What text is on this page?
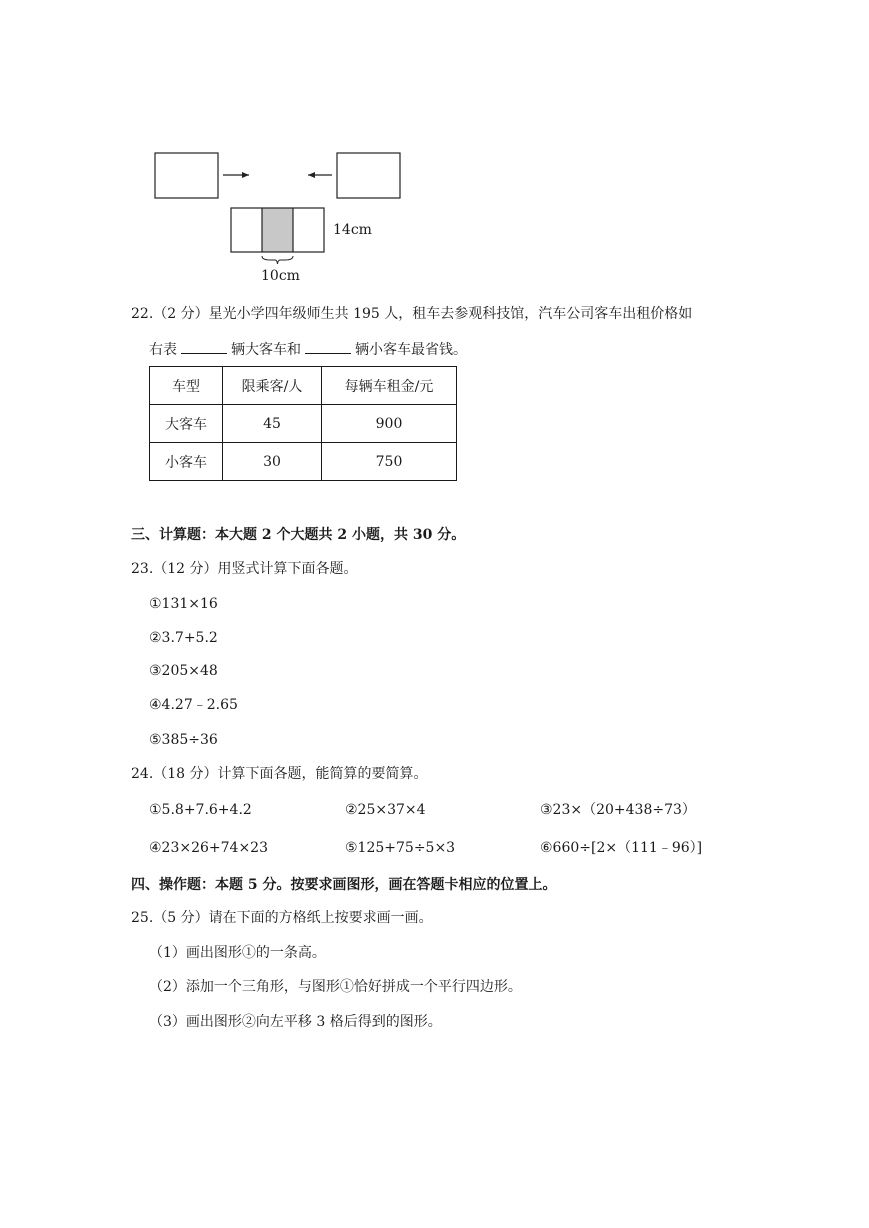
14cm
10cm
22.（2 分）星光小学四年级师生共 195 人，租车去参观科技馆，汽车公司客车出租价格如
右表	辆大客车和	辆小客车最省钱。
车型	限乘客/人	每辆车租金/元
大客车	45	900
小客车	30	750
三、计算题：本大题 2 个大题共 2 小题，共 30 分。
23.（12 分）用竖式计算下面各题。
①131×16
②3.7+5.2
③205×48
④4.27﹣2.65
⑤385÷36
24.（18 分）计算下面各题，能简算的要简算。
①5.8+7.6+4.2	②25×37×4	③23×（20+438÷73）
④23×26+74×23	⑤125+75÷5×3	⑥660÷[2×（111﹣96）]
四、操作题：本题 5 分。按要求画图形，画在答题卡相应的位置上。
25.（5 分）请在下面的方格纸上按要求画一画。
（1）画出图形①的一条高。
（2）添加一个三角形，与图形①恰好拼成一个平行四边形。
（3）画出图形②向左平移 3 格后得到的图形。
